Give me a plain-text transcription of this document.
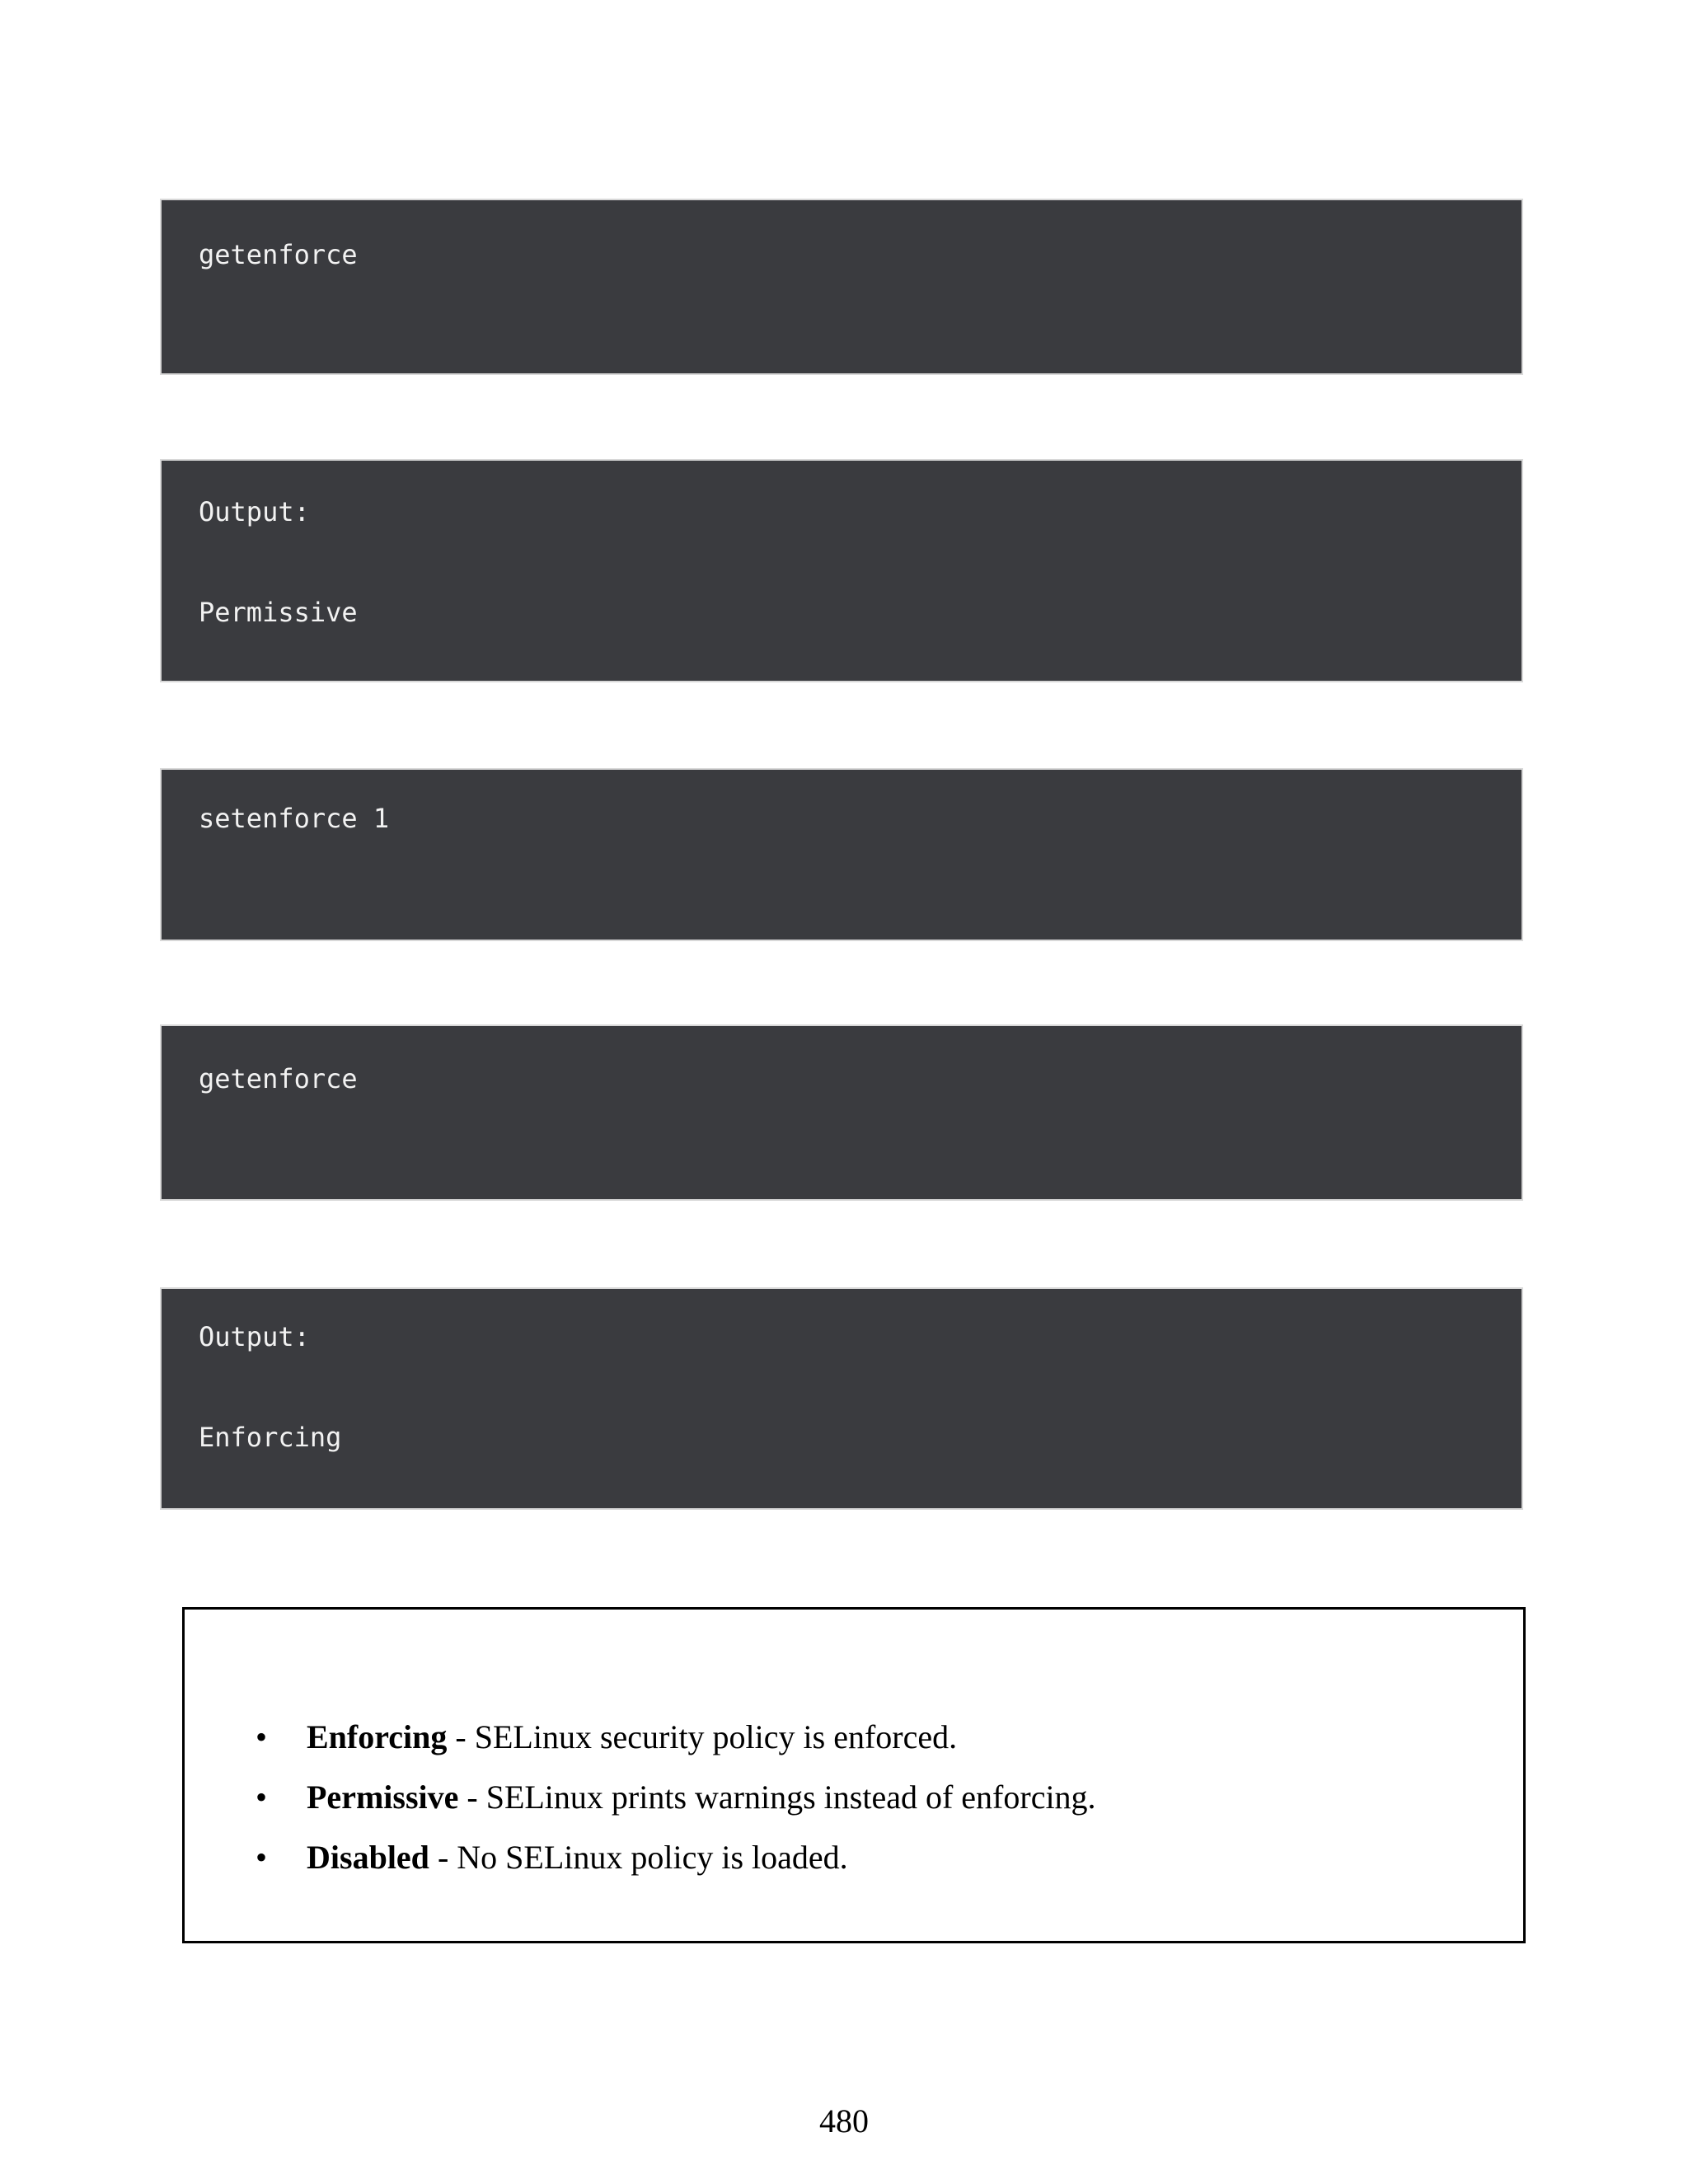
getenforce
Output:
Permissive
setenforce 1
getenforce
Output:
Enforcing
• Enforcing - SELinux security policy is enforced.
• Permissive - SELinux prints warnings instead of enforcing.
• Disabled - No SELinux policy is loaded.
480
